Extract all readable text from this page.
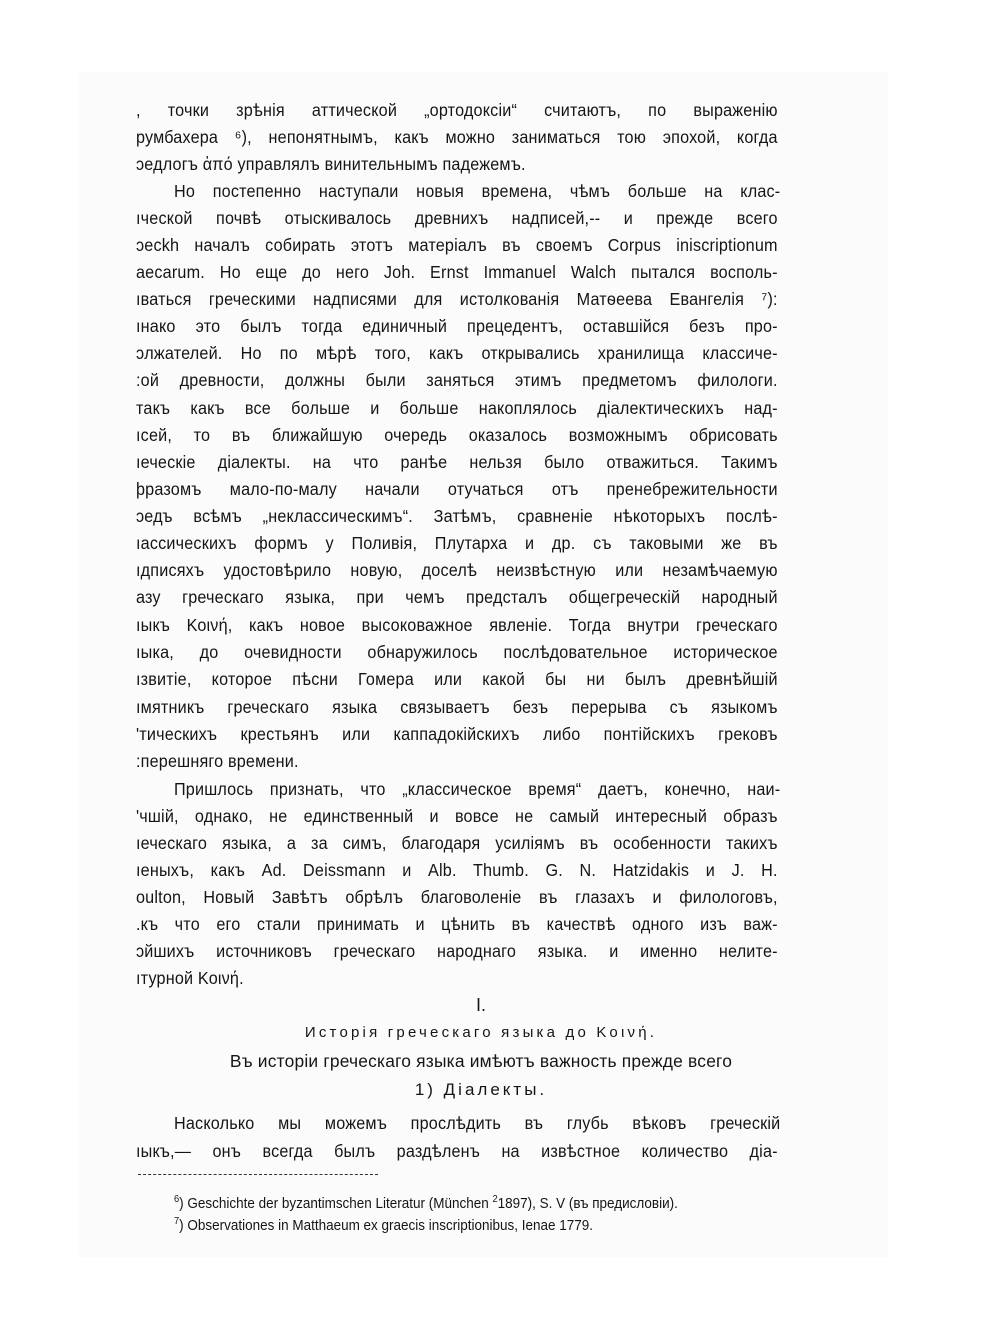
, точки зрѣнія аттической „ортодоксіи“ считаютъ, по выраженію
румбахера ⁶), непонятнымъ, какъ можно заниматься тою эпохой, когда
ɔедлогъ ἀπό управлялъ винительнымъ падежемъ.
Но постепенно наступали новыя времена, чѣмъ больше на клас-
ıческой почвѣ отыскивалось древнихъ надписей,-- и прежде всего
ɔeckh началъ собирать этотъ матеріалъ въ своемъ Corpus iniscriptionum
aecarum. Но еще до него Joh. Ernst Immanuel Walch пытался восполь-
ıваться греческими надписями для истолкованія Матѳеева Евангелія ⁷):
ıнако это былъ тогда единичный прецедентъ, оставшійся безъ про-
ɔлжателей. Но по мѣрѣ того, какъ открывались хранилища классиче-
:ой древности, должны были заняться этимъ предметомъ филологи.
такъ какъ все больше и больше накоплялось діалектическихъ над-
ıсей, то въ ближайшую очередь оказалось возможнымъ обрисовать
ıеческіе діалекты. на что ранѣе нельзя было отважиться. Такимъ
þразомъ мало-по-малу начали отучаться отъ пренебрежительности
ɔедъ всѣмъ „неклассическимъ“. Затѣмъ, сравненіе нѣкоторыхъ послѣ-
ıассическихъ формъ у Поливія, Плутарха и др. съ таковыми же въ
ıдписяхъ удостовѣрило новую, доселѣ неизвѣстную или незамѣчаемую
азу греческаго языка, при чемъ предсталъ общегреческій народный
ıыкъ Κοινή, какъ новое высоковажное явленіе. Тогда внутри греческаго
ıыка, до очевидности обнаружилось послѣдовательное историческое
ıзвитіе, которое пѣсни Гомера или какой бы ни былъ древнѣйшій
ıмятникъ греческаго языка связываетъ безъ перерыва съ языкомъ
'тическихъ крестьянъ или каппадокійскихъ либо понтійскихъ грековъ
:перешняго времени.
Пришлось признать, что „классическое время“ даетъ, конечно, наи-
'чшій, однако, не единственный и вовсе не самый интересный образъ
ıеческаго языка, а за симъ, благодаря усиліямъ въ особенности такихъ
ıеныхъ, какъ Ad. Deissmann и Alb. Thumb. G. N. Hatzidakis и J. H.
oulton, Новый Завѣтъ обрѣлъ благоволеніе въ глазахъ и филологовъ,
.къ что его стали принимать и цѣнить въ качествѣ одного изъ важ-
ɔйшихъ источниковъ греческаго народнаго языка. и именно нелите-
ıтурной Κοινή.
I.
Исторія греческаго языка до Κοινή.
Въ исторіи греческаго языка имѣютъ важность прежде всего
1) Діалекты.
Насколько мы можемъ прослѣдить въ глубь вѣковъ греческій
ıыкъ,— онъ всегда былъ раздѣленъ на извѣстное количество діа-
$^6$) Geschichte der byzantimschen Literatur (München $^2$1897), S. V (въ предисловіи).
$^7$) Observationes in Matthaeum ex graecis inscriptionibus, Ienae 1779.
